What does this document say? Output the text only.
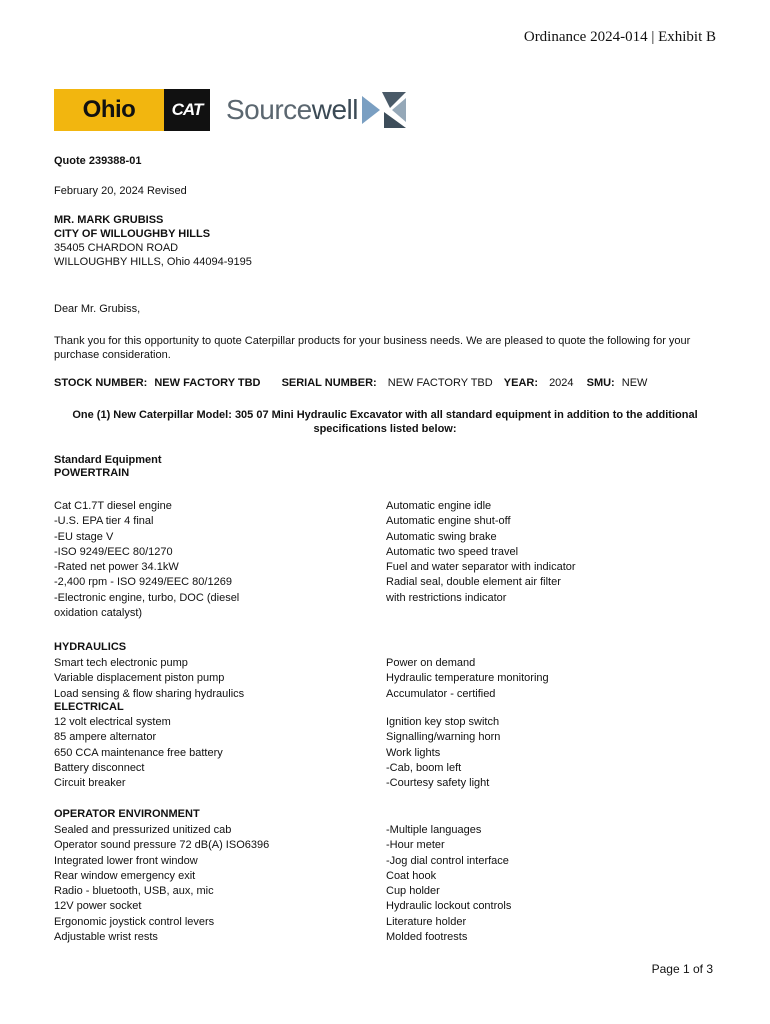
Ordinance 2024-014 | Exhibit B
Ohio CAT Sourcewell
Quote 239388-01
February 20, 2024 Revised
MR. MARK GRUBISS
CITY OF WILLOUGHBY HILLS
35405 CHARDON ROAD
WILLOUGHBY HILLS, Ohio 44094-9195
Dear Mr. Grubiss,
Thank you for this opportunity to quote Caterpillar products for your business needs. We are pleased to quote the following for your purchase consideration.
STOCK NUMBER: NEW FACTORY TBD SERIAL NUMBER: NEW FACTORY TBD YEAR: 2024 SMU: NEW
One (1) New Caterpillar Model: 305 07 Mini Hydraulic Excavator with all standard equipment in addition to the additional specifications listed below:
Standard Equipment
POWERTRAIN
Cat C1.7T diesel engine
-U.S. EPA tier 4 final
-EU stage V
-ISO 9249/EEC 80/1270
-Rated net power 34.1kW
-2,400 rpm - ISO 9249/EEC 80/1269
-Electronic engine, turbo, DOC (diesel
oxidation catalyst)
Automatic engine idle
Automatic engine shut-off
Automatic swing brake
Automatic two speed travel
Fuel and water separator with indicator
Radial seal, double element air filter
with restrictions indicator
HYDRAULICS
Smart tech electronic pump
Variable displacement piston pump
Load sensing & flow sharing hydraulics
Power on demand
Hydraulic temperature monitoring
Accumulator - certified
ELECTRICAL
12 volt electrical system
85 ampere alternator
650 CCA maintenance free battery
Battery disconnect
Circuit breaker
Ignition key stop switch
Signalling/warning horn
Work lights
-Cab, boom left
-Courtesy safety light
OPERATOR ENVIRONMENT
Sealed and pressurized unitized cab
Operator sound pressure 72 dB(A) ISO6396
Integrated lower front window
Rear window emergency exit
Radio - bluetooth, USB, aux, mic
12V power socket
Ergonomic joystick control levers
Adjustable wrist rests
-Multiple languages
-Hour meter
-Jog dial control interface
Coat hook
Cup holder
Hydraulic lockout controls
Literature holder
Molded footrests
Page 1 of 3
